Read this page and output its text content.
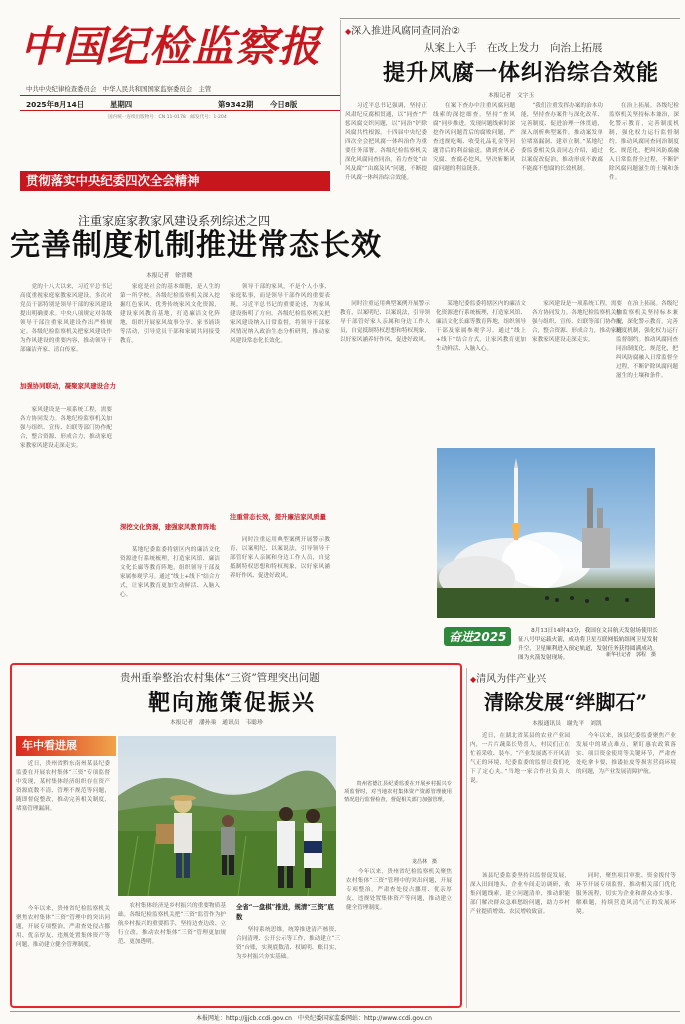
中国纪检监察报
中共中央纪律检查委员会　中华人民共和国国家监察委员会　主管
2025年8月14日	星期四	第9342期 今日8版
国内统一连续出版物号：CN 11-0178　邮发代号：1-204
◆深入推进风腐同查同治②
从案上入手　在改上发力　向治上拓展
提升风腐一体纠治综合效能
本报记者　文字玉
习近平总书记强调，坚持正风肃纪反腐相贯通，以“同查”严惩风腐交织问题，以“同治”铲除风腐共性根源。十四届中央纪委四次全会把风腐一体纠治作为重要任务部署。各级纪检监察机关深化风腐同查同治，着力查处“由风及腐”“由腐及风”问题，不断提升风腐一体纠治综合效能。
在案下查办中注重风腐问题线索的深挖细查，坚持“查风腐”同步推进。发现问题线索时深挖作风问题背后的腐败问题，严查违规吃喝、收受礼品礼金等问题背后的利益输送，做到查风必究腐、查腐必挖风，坚决斩断风腐问题的利益链条。
“我们注重发挥办案的治本功能，坚持查办案件与深化改革、完善制度、促进治理一体贯通，深入剖析典型案件，推动案发单位堵塞漏洞、建章立制。”某地纪委监委相关负责同志介绍，通过以案促改促治，推动形成不敢腐不能腐不想腐的长效机制。
在治上拓展。各级纪检监察机关坚持标本兼治，深化警示教育，完善制度机制，强化权力运行监督制约。推动风腐同查同治制度化、规范化，把纠风防腐融入日常监督全过程，不断铲除风腐问题滋生的土壤和条件。
贯彻落实中央纪委四次全会精神
注重家庭家教家风建设系列综述之四
完善制度机制推进常态长效
本报记者　徐晋晓
党的十八大以来，习近平总书记高度重视家庭家教家风建设，多次对党员干部特别是领导干部的家风建设提出明确要求。中央八项规定对各级领导干部注重家风建设作出严格规定。各级纪检监察机关把家风建设作为作风建设的重要内容，推动领导干部廉洁齐家、清白传家。
加强协同联动，凝聚家风建设合力
家风建设是一项系统工程，需要各方协同发力。各地纪检监察机关加强与组织、宣传、妇联等部门协作配合，整合资源、形成合力，推动家庭家教家风建设走深走实。
家庭是社会的基本细胞，是人生的第一所学校。各级纪检监察机关深入挖掘红色家风、优秀传统家风文化资源，建设家风教育基地，打造廉洁文化阵地，组织开展家风故事分享、家书诵读等活动，引导党员干部和家属共同接受教育。
深挖文化资源，建强家风教育阵地
某地纪委监委将辖区内的廉洁文化资源进行系统梳理，打造家风馆、廉洁文化长廊等教育阵地，组织领导干部及家属参观学习。通过“线上+线下”结合方式，让家风教育更加生动鲜活、入脑入心。
领导干部的家风，不是个人小事、家庭私事，而是领导干部作风的重要表现。习近平总书记的重要论述，为家风建设指明了方向。各级纪检监察机关把家风建设纳入日常监督，将领导干部家风情况纳入政治生态分析研判，推动家风建设常态化长效化。
注重常态长效，提升廉洁家风质量
同时注重运用典型案例开展警示教育，以案明纪、以案说法，引导领导干部管好家人亲属和身边工作人员，自觉抵制特权思想和特权现象，以好家风涵养好作风、促进好政风。
同时注重运用典型案例开展警示教育，以案明纪、以案说法，引导领导干部管好家人亲属和身边工作人员，自觉抵制特权思想和特权现象，以好家风涵养好作风、促进好政风。
某地纪委监委将辖区内的廉洁文化资源进行系统梳理，打造家风馆、廉洁文化长廊等教育阵地，组织领导干部及家属参观学习。通过“线上+线下”结合方式，让家风教育更加生动鲜活、入脑入心。
家风建设是一项系统工程，需要各方协同发力。各地纪检监察机关加强与组织、宣传、妇联等部门协作配合，整合资源、形成合力，推动家庭家教家风建设走深走实。
在治上拓展。各级纪检监察机关坚持标本兼治，深化警示教育，完善制度机制，强化权力运行监督制约。推动风腐同查同治制度化、规范化，把纠风防腐融入日常监督全过程，不断铲除风腐问题滋生的土壤和条件。
奋进2025	8月13日14时43分，我国在文昌航天发射场使用长征八号甲运载火箭，成功将卫星互联网低轨组网卫星发射升空，卫星顺利进入预定轨道，发射任务获得圆满成功。图为火箭发射现场。	新华社记者　郭程　摄
贵州重拳整治农村集体“三资”管理突出问题
靶向施策促振兴
本报记者　潘孙巢　通讯员　韦聪珍
年中看进展
近日，贵州省黔东南州某县纪委监委在开展农村集体“三资”专项监督中发现，某村集体经济组织存在资产资源底数不清、管理不规范等问题，随即督促整改，推动完善相关制度，堵塞管理漏洞。
今年以来，贵州省纪检监察机关聚焦农村集体“三资”管理中的突出问题，开展专项整治，严肃查处侵占挪用、优亲厚友、违规处置集体资产等问题，推动建立健全管理制度。
贵州省德江县纪委监委在开展乡村振兴专项监督时，对当地农村集体资产资源管理使用情况进行监督检查，督促相关部门加强管理。
龙昌林　摄
农村集体经济是乡村振兴的重要物质基础。各级纪检监察机关把“三资”监管作为护航乡村振兴的重要抓手，坚持边查边改、立行立改，推动农村集体“三资”管理更加规范、更加透明。
全省“一盘棋”推进，规清“三资”底数
坚持系统思维，统筹推进清产核资、合同清理、公开公示等工作，推动建立“三资”台账，实现底数清、权属明、账目实，为乡村振兴夯实基础。
今年以来，贵州省纪检监察机关聚焦农村集体“三资”管理中的突出问题，开展专项整治，严肃查处侵占挪用、优亲厚友、违规处置集体资产等问题，推动建立健全管理制度。
◆清风为伴产业兴
清除发展“绊脚石”
本报通讯员　谢先平　刘凯
近日，在湖北省某县的农业产业园内，一片片蔬菜长势喜人，村民们正在忙着采收、装车。“产业发展离不开风清气正的环境，纪委监委的监督让我们吃下了定心丸。”当地一家合作社负责人说。
该县纪委监委坚持以监督促发展，深入田间地头、企业车间走访调研，收集问题线索，建立问题清单，推动职能部门解决群众急难愁盼问题，助力乡村产业提质增效、农民增收致富。
今年以来，该县纪委监委聚焦产业发展中的堵点难点，紧盯惠农政策落实、项目资金使用等关键环节，严肃查处吃拿卡要、推诿扯皮等损害营商环境的问题，为产业发展清障护航。
同时，聚焦项目审批、资金拨付等环节开展专项监督，推动相关部门优化服务流程，切实为企业和群众办实事、解难题，持续营造风清气正的发展环境。
本报网址：http://jjjcb.ccdi.gov.cn　中央纪委国家监委网站：http://www.ccdi.gov.cn
